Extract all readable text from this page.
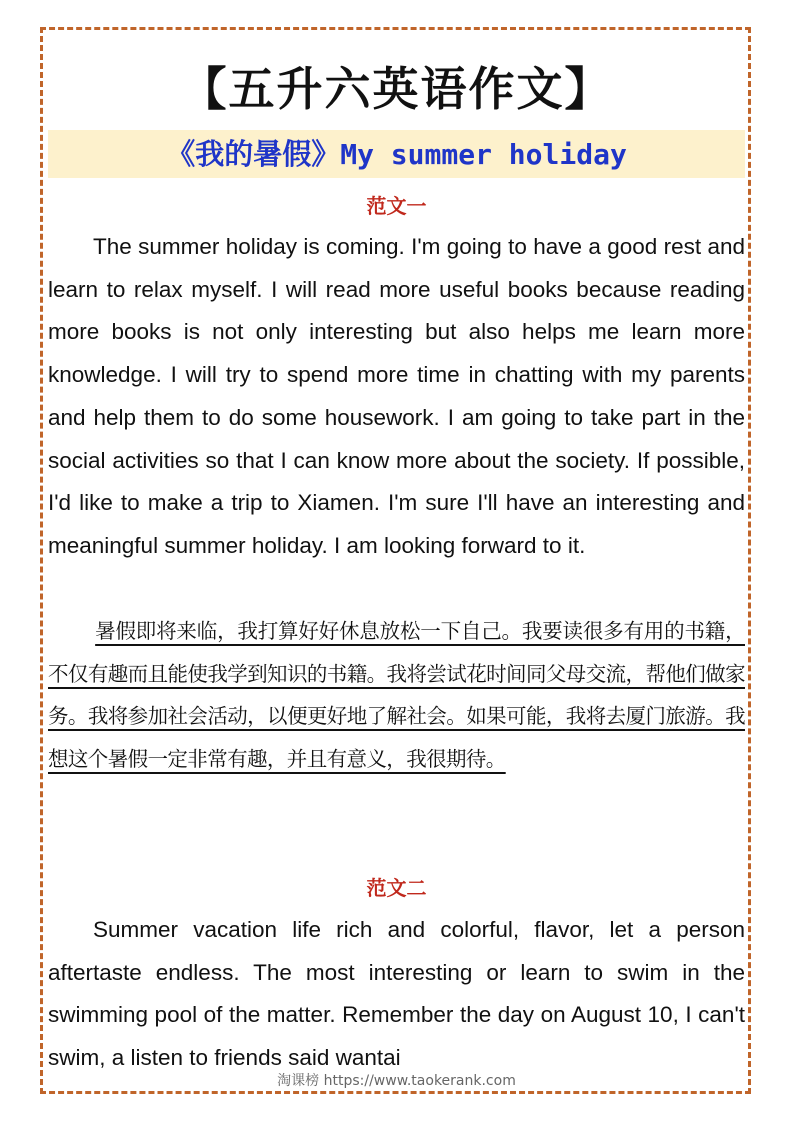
【五升六英语作文】
《我的暑假》My summer holiday
范文一

The summer holiday is coming. I'm going to have a good rest and learn to relax myself. I will read more useful books because reading more books is not only interesting but also helps me learn more knowledge. I will try to spend more time in chatting with my parents and help them to do some housework. I am going to take part in the social activities so that I can know more about the society. If possible, I'd like to make a trip to Xiamen. I'm sure I'll have an interesting and meaningful summer holiday. I am looking forward to it.

暑假即将来临，我打算好好休息放松一下自己。我要读很多有用的书籍，不仅有趣而且能使我学到知识的书籍。我将尝试花时间同父母交流，帮他们做家务。我将参加社会活动，以便更好地了解社会。如果可能，我将去厦门旅游。我想这个暑假一定非常有趣，并且有意义，我很期待。

范文二

Summer vacation life rich and colorful, flavor, let a person aftertaste endless. The most interesting or learn to swim in the swimming pool of the matter. Remember the day on August 10, I can't swim, a listen to friends said wantai

淘课榜 https://www.taokerank.com
